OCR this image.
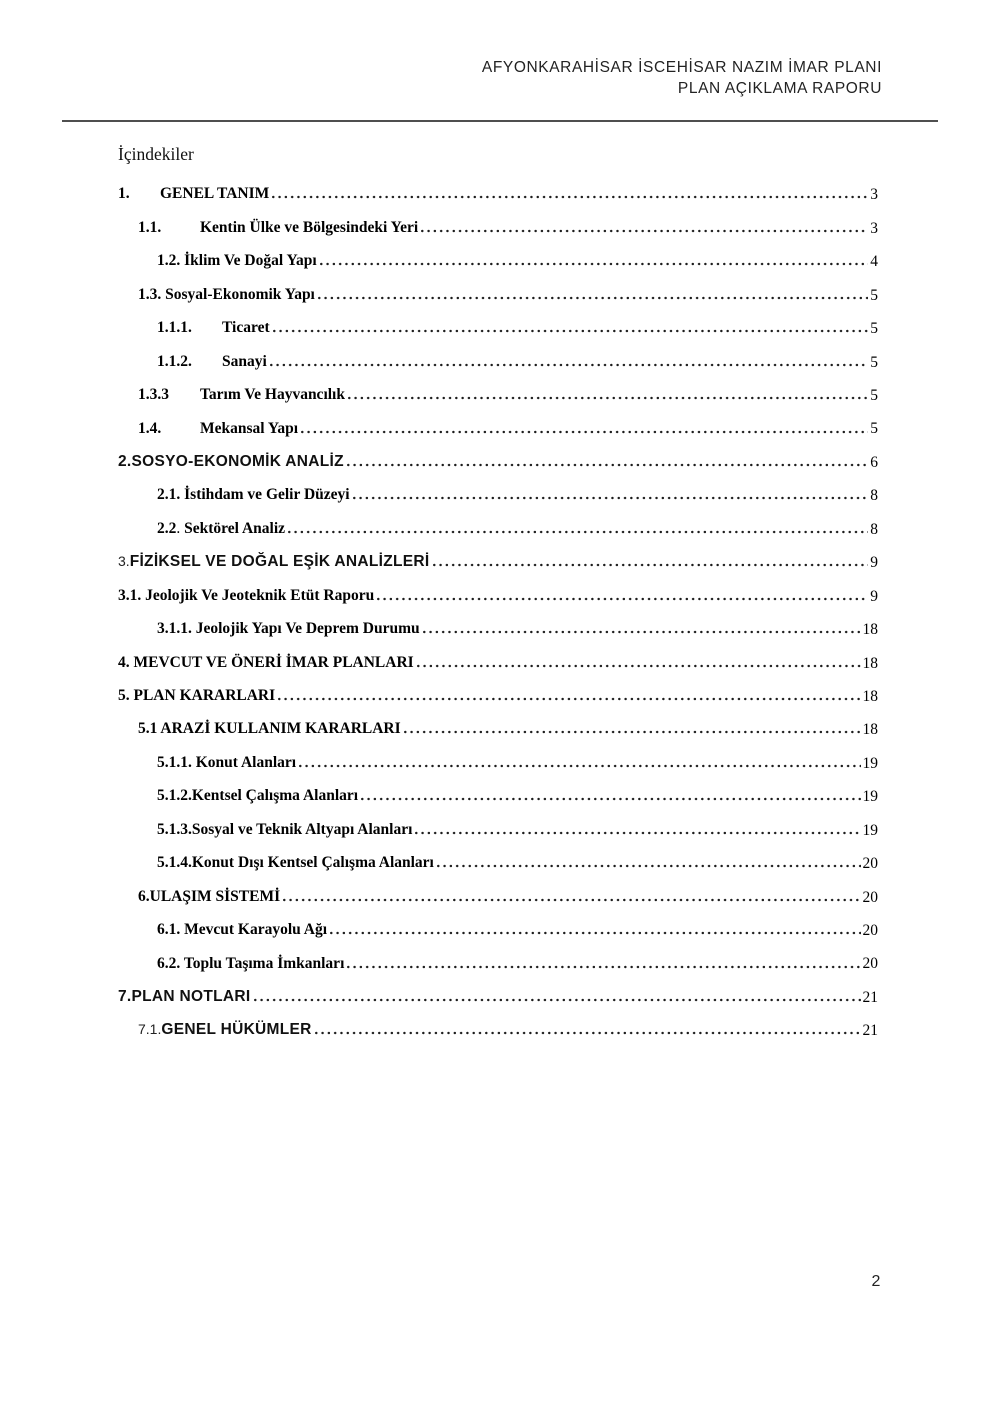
AFYONKARAHİSAR İSCEHİSAR NAZIM İMAR PLANI
PLAN AÇIKLAMA RAPORU
İçindekiler
1. GENEL TANIM	3
1.1.	Kentin Ülke ve Bölgesindeki Yeri	3
1.2. İklim Ve Doğal Yapı	4
1.3. Sosyal-Ekonomik Yapı	5
1.1.1. Ticaret	5
1.1.2. Sanayi	5
1.3.3 Tarım Ve Hayvancılık	5
1.4.	Mekansal Yapı	5
2.SOSYO-EKONOMİK ANALİZ	6
2.1. İstihdam ve Gelir Düzeyi	8
2.2. Sektörel Analiz	8
3.FİZİKSEL VE DOĞAL EŞİK ANALİZLERİ	9
3.1. Jeolojik Ve Jeoteknik Etüt Raporu	9
3.1.1. Jeolojik Yapı Ve Deprem Durumu	18
4. MEVCUT VE ÖNERİ İMAR PLANLARI	18
5. PLAN KARARLARI	18
5.1 ARAZİ KULLANIM KARARLARI	18
5.1.1. Konut Alanları	19
5.1.2.Kentsel Çalışma Alanları	19
5.1.3.Sosyal ve Teknik Altyapı Alanları	19
5.1.4.Konut Dışı Kentsel Çalışma Alanları	20
6.ULAŞIM SİSTEMİ	20
6.1. Mevcut Karayolu Ağı	20
6.2. Toplu Taşıma İmkanları	20
7.PLAN NOTLARI	21
7.1.GENEL HÜKÜMLER	21
2
